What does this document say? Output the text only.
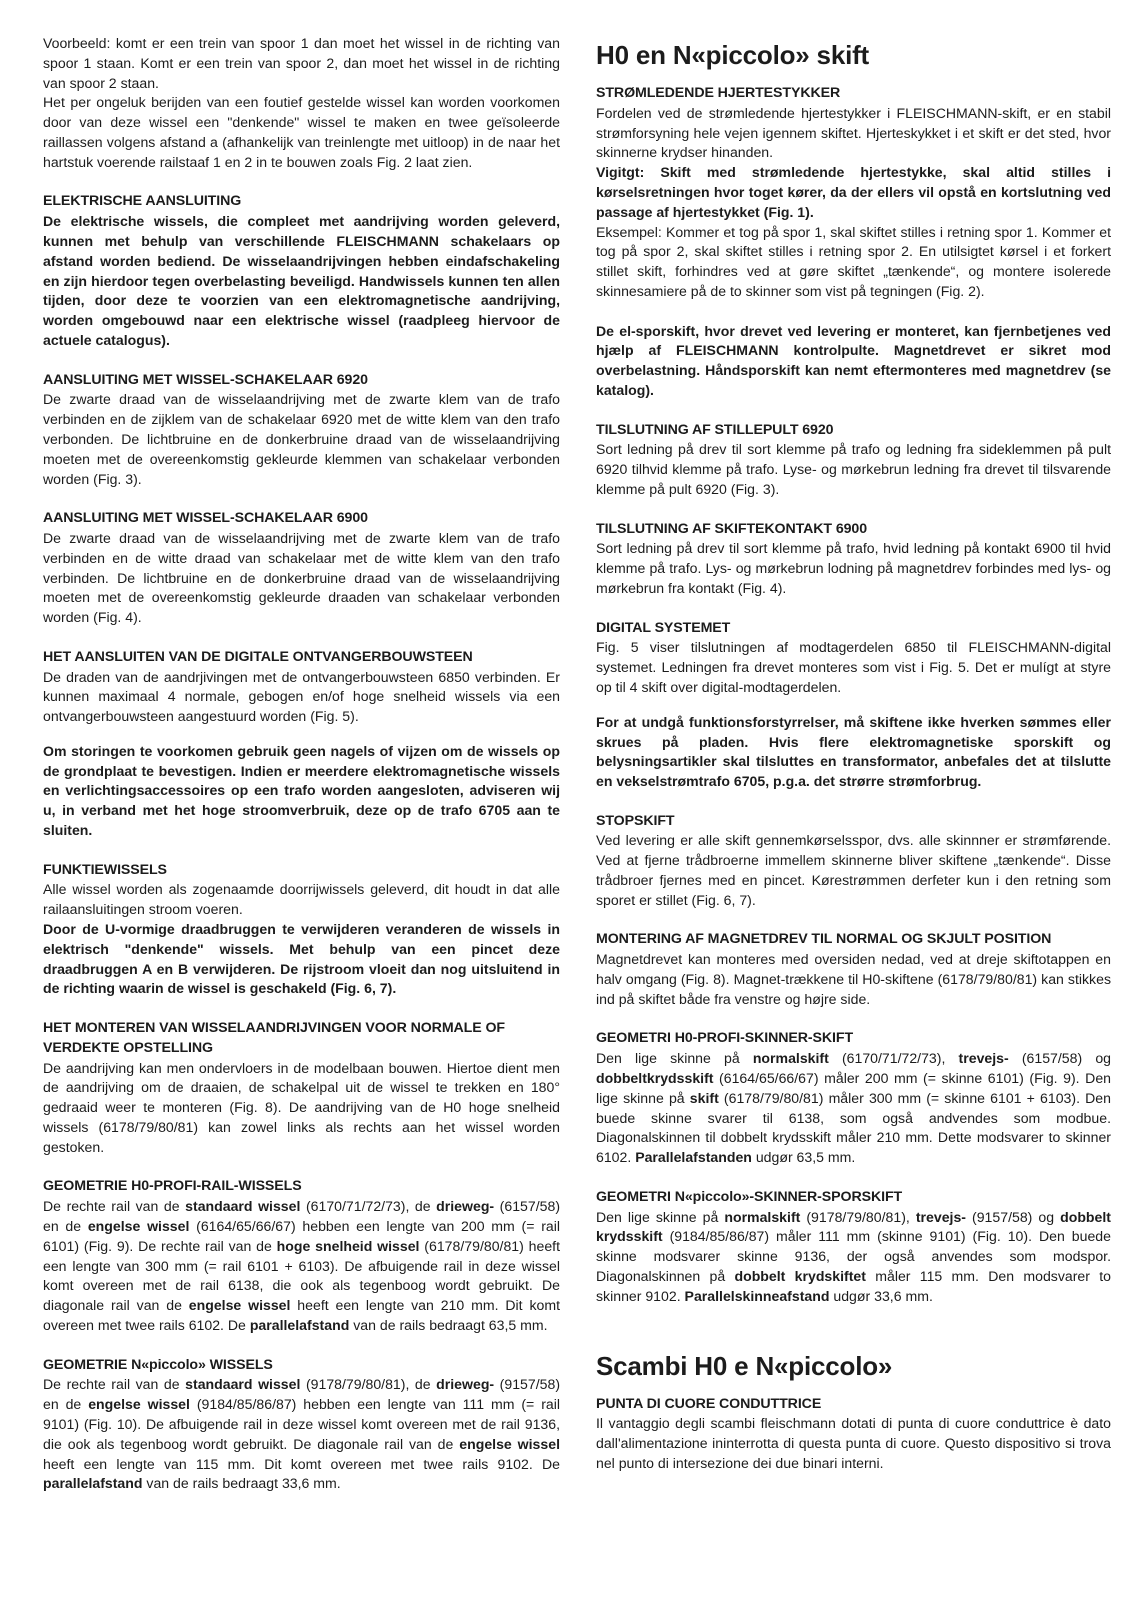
Voorbeeld: komt er een trein van spoor 1 dan moet het wissel in de richting van spoor 1 staan. Komt er een trein van spoor 2, dan moet het wissel in de richting van spoor 2 staan.

Het per ongeluk berijden van een foutief gestelde wissel kan worden voorkomen door van deze wissel een "denkende" wissel te maken en twee geïsoleerde raillassen volgens afstand a (afhankelijk van treinlengte met uitloop) in de naar het hartstuk voerende railstaaf 1 en 2 in te bouwen zoals Fig. 2 laat zien.

ELEKTRISCHE AANSLUITING

De elektrische wissels, die compleet met aandrijving worden geleverd, kunnen met behulp van verschillende FLEISCHMANN schakelaars op afstand worden bediend. De wisselaandrijvingen hebben eindafschakeling en zijn hierdoor tegen overbelasting beveiligd. Handwissels kunnen ten allen tijden, door deze te voorzien van een elektromagnetische aandrijving, worden omgebouwd naar een elektrische wissel (raadpleeg hiervoor de actuele catalogus).

AANSLUITING MET WISSEL-SCHAKELAAR 6920

De zwarte draad van de wisselaandrijving met de zwarte klem van de trafo verbinden en de zijklem van de schakelaar 6920 met de witte klem van den trafo verbonden. De lichtbruine en de donkerbruine draad van de wisselaandrijving moeten met de overeenkomstig gekleurde klemmen van schakelaar verbonden worden (Fig. 3).

AANSLUITING MET WISSEL-SCHAKELAAR 6900

De zwarte draad van de wisselaandrijving met de zwarte klem van de trafo verbinden en de witte draad van schakelaar met de witte klem van den trafo verbinden. De lichtbruine en de donkerbruine draad van de wisselaandrijving moeten met de overeenkomstig gekleurde draaden van schakelaar verbonden worden (Fig. 4).

HET AANSLUITEN VAN DE DIGITALE ONTVANGERBOUWSTEEN

De draden van de aandrjivingen met de ontvangerbouwsteen 6850 verbinden. Er kunnen maximaal 4 normale, gebogen en/of hoge snelheid wissels via een ontvangerbouwsteen aangestuurd worden (Fig. 5).

Om storingen te voorkomen gebruik geen nagels of vijzen om de wissels op de grondplaat te bevestigen. Indien er meerdere elektromagnetische wissels en verlichtingsaccessoires op een trafo worden aangesloten, adviseren wij u, in verband met het hoge stroomverbruik, deze op de trafo 6705 aan te sluiten.

FUNKTIEWISSELS

Alle wissel worden als zogenaamde doorrijwissels geleverd, dit houdt in dat alle railaansluitingen stroom voeren.

Door de U-vormige draadbruggen te verwijderen veranderen de wissels in elektrisch "denkende" wissels. Met behulp van een pincet deze draadbruggen A en B verwijderen. De rijstroom vloeit dan nog uitsluitend in de richting waarin de wissel is geschakeld (Fig. 6, 7).

HET MONTEREN VAN WISSELAANDRIJVINGEN VOOR NORMALE OF VERDEKTE OPSTELLING

De aandrijving kan men ondervloers in de modelbaan bouwen. Hiertoe dient men de aandrijving om de draaien, de schakelpal uit de wissel te trekken en 180° gedraaid weer te monteren (Fig. 8). De aandrijving van de H0 hoge snelheid wissels (6178/79/80/81) kan zowel links als rechts aan het wissel worden gestoken.

GEOMETRIE H0-PROFI-RAIL-WISSELS

De rechte rail van de standaard wissel (6170/71/72/73), de drieweg- (6157/58) en de engelse wissel (6164/65/66/67) hebben een lengte van 200 mm (= rail 6101) (Fig. 9). De rechte rail van de hoge snelheid wissel (6178/79/80/81) heeft een lengte van 300 mm (= rail 6101 + 6103). De afbuigende rail in deze wissel komt overeen met de rail 6138, die ook als tegenboog wordt gebruikt. De diagonale rail van de engelse wissel heeft een lengte van 210 mm. Dit komt overeen met twee rails 6102. De parallelafstand van de rails bedraagt 63,5 mm.

GEOMETRIE N«piccolo» WISSELS

De rechte rail van de standaard wissel (9178/79/80/81), de drieweg- (9157/58) en de engelse wissel (9184/85/86/87) hebben een lengte van 111 mm (= rail 9101) (Fig. 10). De afbuigende rail in deze wissel komt overeen met de rail 9136, die ook als tegenboog wordt gebruikt. De diagonale rail van de engelse wissel heeft een lengte van 115 mm. Dit komt overeen met twee rails 9102. De parallelafstand van de rails bedraagt 33,6 mm.

H0 en N«piccolo» skift
STRØMLEDENDE HJERTESTYKKER

Fordelen ved de strømledende hjertestykker i FLEISCHMANN-skift, er en stabil strømforsyning hele vejen igennem skiftet. Hjerteskykket i et skift er det sted, hvor skinnerne krydser hinanden.

Vigitgt: Skift med strømledende hjertestykke, skal altid stilles i kørselsretningen hvor toget kører, da der ellers vil opstå en kortslutning ved passage af hjertestykket (Fig. 1).

Eksempel: Kommer et tog på spor 1, skal skiftet stilles i retning spor 1. Kommer et tog på spor 2, skal skiftet stilles i retning spor 2. En utilsigtet kørsel i et forkert stillet skift, forhindres ved at gøre skiftet „tænkende“, og montere isolerede skinnesamiere på de to skinner som vist på tegningen (Fig. 2).

De el-sporskift, hvor drevet ved levering er monteret, kan fjernbetjenes ved hjælp af FLEISCHMANN kontrolpulte. Magnetdrevet er sikret mod overbelastning. Håndsporskift kan nemt eftermonteres med magnetdrev (se katalog).

TILSLUTNING AF STILLEPULT 6920

Sort ledning på drev til sort klemme på trafo og ledning fra sideklemmen på pult 6920 tilhvid klemme på trafo. Lyse- og mørkebrun ledning fra drevet til tilsvarende klemme på pult 6920 (Fig. 3).

TILSLUTNING AF SKIFTEKONTAKT 6900

Sort ledning på drev til sort klemme på trafo, hvid ledning på kontakt 6900 til hvid klemme på trafo. Lys- og mørkebrun lodning på magnetdrev forbindes med lys- og mørkebrun fra kontakt (Fig. 4).

DIGITAL SYSTEMET

Fig. 5 viser tilslutningen af modtagerdelen 6850 til FLEISCHMANN-digital systemet. Ledningen fra drevet monteres som vist i Fig. 5. Det er mulígt at styre op til 4 skift over digital-modtagerdelen.

For at undgå funktionsforstyrrelser, må skiftene ikke hverken sømmes eller skrues på pladen. Hvis flere elektromagnetiske sporskift og belysningsartikler skal tilsluttes en transformator, anbefales det at tilslutte en vekselstrømtrafo 6705, p.g.a. det strørre strømforbrug.

STOPSKIFT

Ved levering er alle skift gennemkørselsspor, dvs. alle skinnner er strømførende. Ved at fjerne trådbroerne immellem skinnerne bliver skiftene „tænkende“. Disse trådbroer fjernes med en pincet. Kørestrømmen derfeter kun i den retning som sporet er stillet (Fig. 6, 7).

MONTERING AF MAGNETDREV TIL NORMAL OG SKJULT POSITION

Magnetdrevet kan monteres med oversiden nedad, ved at dreje skiftotappen en halv omgang (Fig. 8). Magnet-trækkene til H0-skiftene (6178/79/80/81) kan stikkes ind på skiftet både fra venstre og højre side.

GEOMETRI H0-PROFI-SKINNER-SKIFT

Den lige skinne på normalskift (6170/71/72/73), trevejs- (6157/58) og dobbeltkrydsskift (6164/65/66/67) måler 200 mm (= skinne 6101) (Fig. 9). Den lige skinne på skift (6178/79/80/81) måler 300 mm (= skinne 6101 + 6103). Den buede skinne svarer til 6138, som også andvendes som modbue. Diagonalskinnen til dobbelt krydsskift måler 210 mm. Dette modsvarer to skinner 6102. Parallelafstanden udgør 63,5 mm.

GEOMETRI N«piccolo»-SKINNER-SPORSKIFT

Den lige skinne på normalskift (9178/79/80/81), trevejs- (9157/58) og dobbelt krydsskift (9184/85/86/87) måler 111 mm (skinne 9101) (Fig. 10). Den buede skinne modsvarer skinne 9136, der også anvendes som modspor. Diagonalskinnen på dobbelt krydskiftet måler 115 mm. Den modsvarer to skinner 9102. Parallelskinneafstand udgør 33,6 mm.

Scambi H0 e N«piccolo»
PUNTA DI CUORE CONDUTTRICE

Il vantaggio degli scambi fleischmann dotati di punta di cuore conduttrice è dato dall'alimentazione ininterrotta di questa punta di cuore. Questo dispositivo si trova nel punto di intersezione dei due binari interni.
